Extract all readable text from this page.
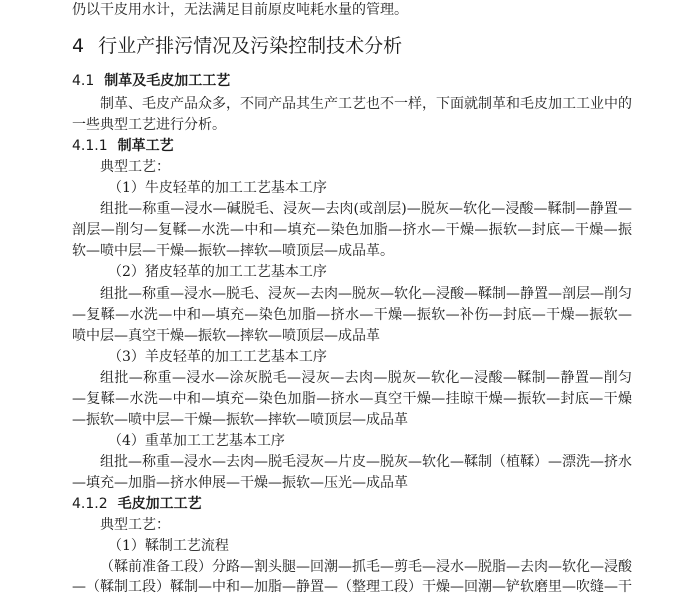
仍以干皮用水计，无法满足目前原皮吨耗水量的管理。
4 行业产排污情况及污染控制技术分析
4.1 制革及毛皮加工工艺
制革、毛皮产品众多，不同产品其生产工艺也不一样，下面就制革和毛皮加工工业中的
一些典型工艺进行分析。
4.1.1 制革工艺
典型工艺：
（1）牛皮轻革的加工工艺基本工序
组批—称重—浸水—碱脱毛、浸灰—去肉(或剖层)—脱灰—软化—浸酸—鞣制—静置—
剖层—削匀—复鞣—水洗—中和—填充—染色加脂—挤水—干燥—振软—封底—干燥—振
软—喷中层—干燥—振软—摔软—喷顶层—成品革。
（2）猪皮轻革的加工工艺基本工序
组批—称重—浸水—脱毛、浸灰—去肉—脱灰—软化—浸酸—鞣制—静置—剖层—削匀
—复鞣—水洗—中和—填充—染色加脂—挤水—干燥—振软—补伤—封底—干燥—振软—
喷中层—真空干燥—振软—摔软—喷顶层—成品革
（3）羊皮轻革的加工工艺基本工序
组批—称重—浸水—涂灰脱毛—浸灰—去肉—脱灰—软化—浸酸—鞣制—静置—削匀
—复鞣—水洗—中和—填充—染色加脂—挤水—真空干燥—挂晾干燥—振软—封底—干燥
—振软—喷中层—干燥—振软—摔软—喷顶层—成品革
（4）重革加工工艺基本工序
组批—称重—浸水—去肉—脱毛浸灰—片皮—脱灰—软化—鞣制（植鞣）—漂洗—挤水
—填充—加脂—挤水伸展—干燥—振软—压光—成品革
4.1.2 毛皮加工工艺
典型工艺：
（1）鞣制工艺流程
（鞣前准备工段）分路—割头腿—回潮—抓毛—剪毛—浸水—脱脂—去肉—软化—浸酸
—（鞣制工段）鞣制—中和—加脂—静置—（整理工段）干燥—回潮—铲软磨里—吹缝—干
